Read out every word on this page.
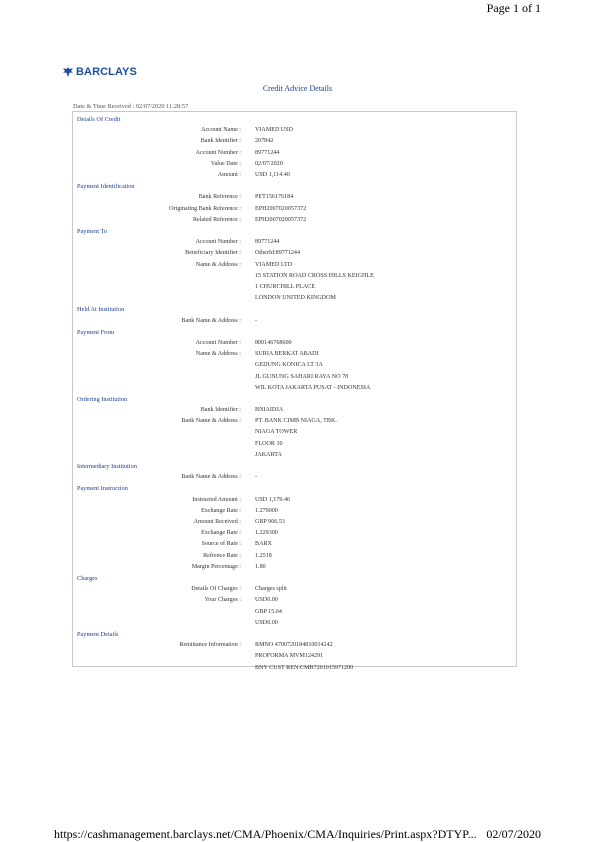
Page 1 of 1
BARCLAYS
Credit Advice Details
Date & Time Received : 02/07/2020 11:28:57
Details Of Credit
Account Name : VIAMED USD
Bank Identifier : 207842
Account Number : 89771244
Value Date : 02/07/2020
Amount : USD 1,114.40
Payment Identification
Bank Reference : PET156176184
Originating Bank Reference : EPH2007020057372
Related Reference : EPH2007020057372
Payment To
Account Number : 89771244
Beneficiary Identifier : OtherId:89771244
Name & Address : VIAMED LTD
15 STATION ROAD CROSS HILLS KEIGHLE
1 CHURCHILL PLACE
LONDON UNITED KINGDOM
Held At Institution
Bank Name & Address : -
Payment From
Account Number : 800146768600
Name & Address : SURIA BERKAT ABADI
GEDUNG KONICA LT 3A
JL GUNUNG SAHARI RAYA NO 78
WIL KOTA JAKARTA PUSAT - INDONESIA
Ordering Institution
Bank Identifier : BNIAIDJA
Bank Name & Address : PT. BANK CIMB NIAGA, TBK.
NIAGA TOWER
FLOOR 10
JAKARTA
Intermediary Institution
Bank Name & Address : -
Payment Instruction
Instructed Amount : USD 1,179.46
Exchange Rate : 1.279000
Amount Received : GBP 906.53
Exchange Rate : 1.229300
Source of Rate : BARX
Refrence Rate : 1.2518
Margin Percentage : 1.80
Charges
Details Of Charges : Charges split
Your Charges : USD0.00
GBP 15.64
USD0.00
Payment Details
Remittance Information : RMNO 4700720184810014242
PROFORMA MVM124291
BNY CUST REN:CMB7201015971200
https://cashmanagement.barclays.net/CMA/Phoenix/CMA/Inquiries/Print.aspx?DTYP... 02/07/2020
